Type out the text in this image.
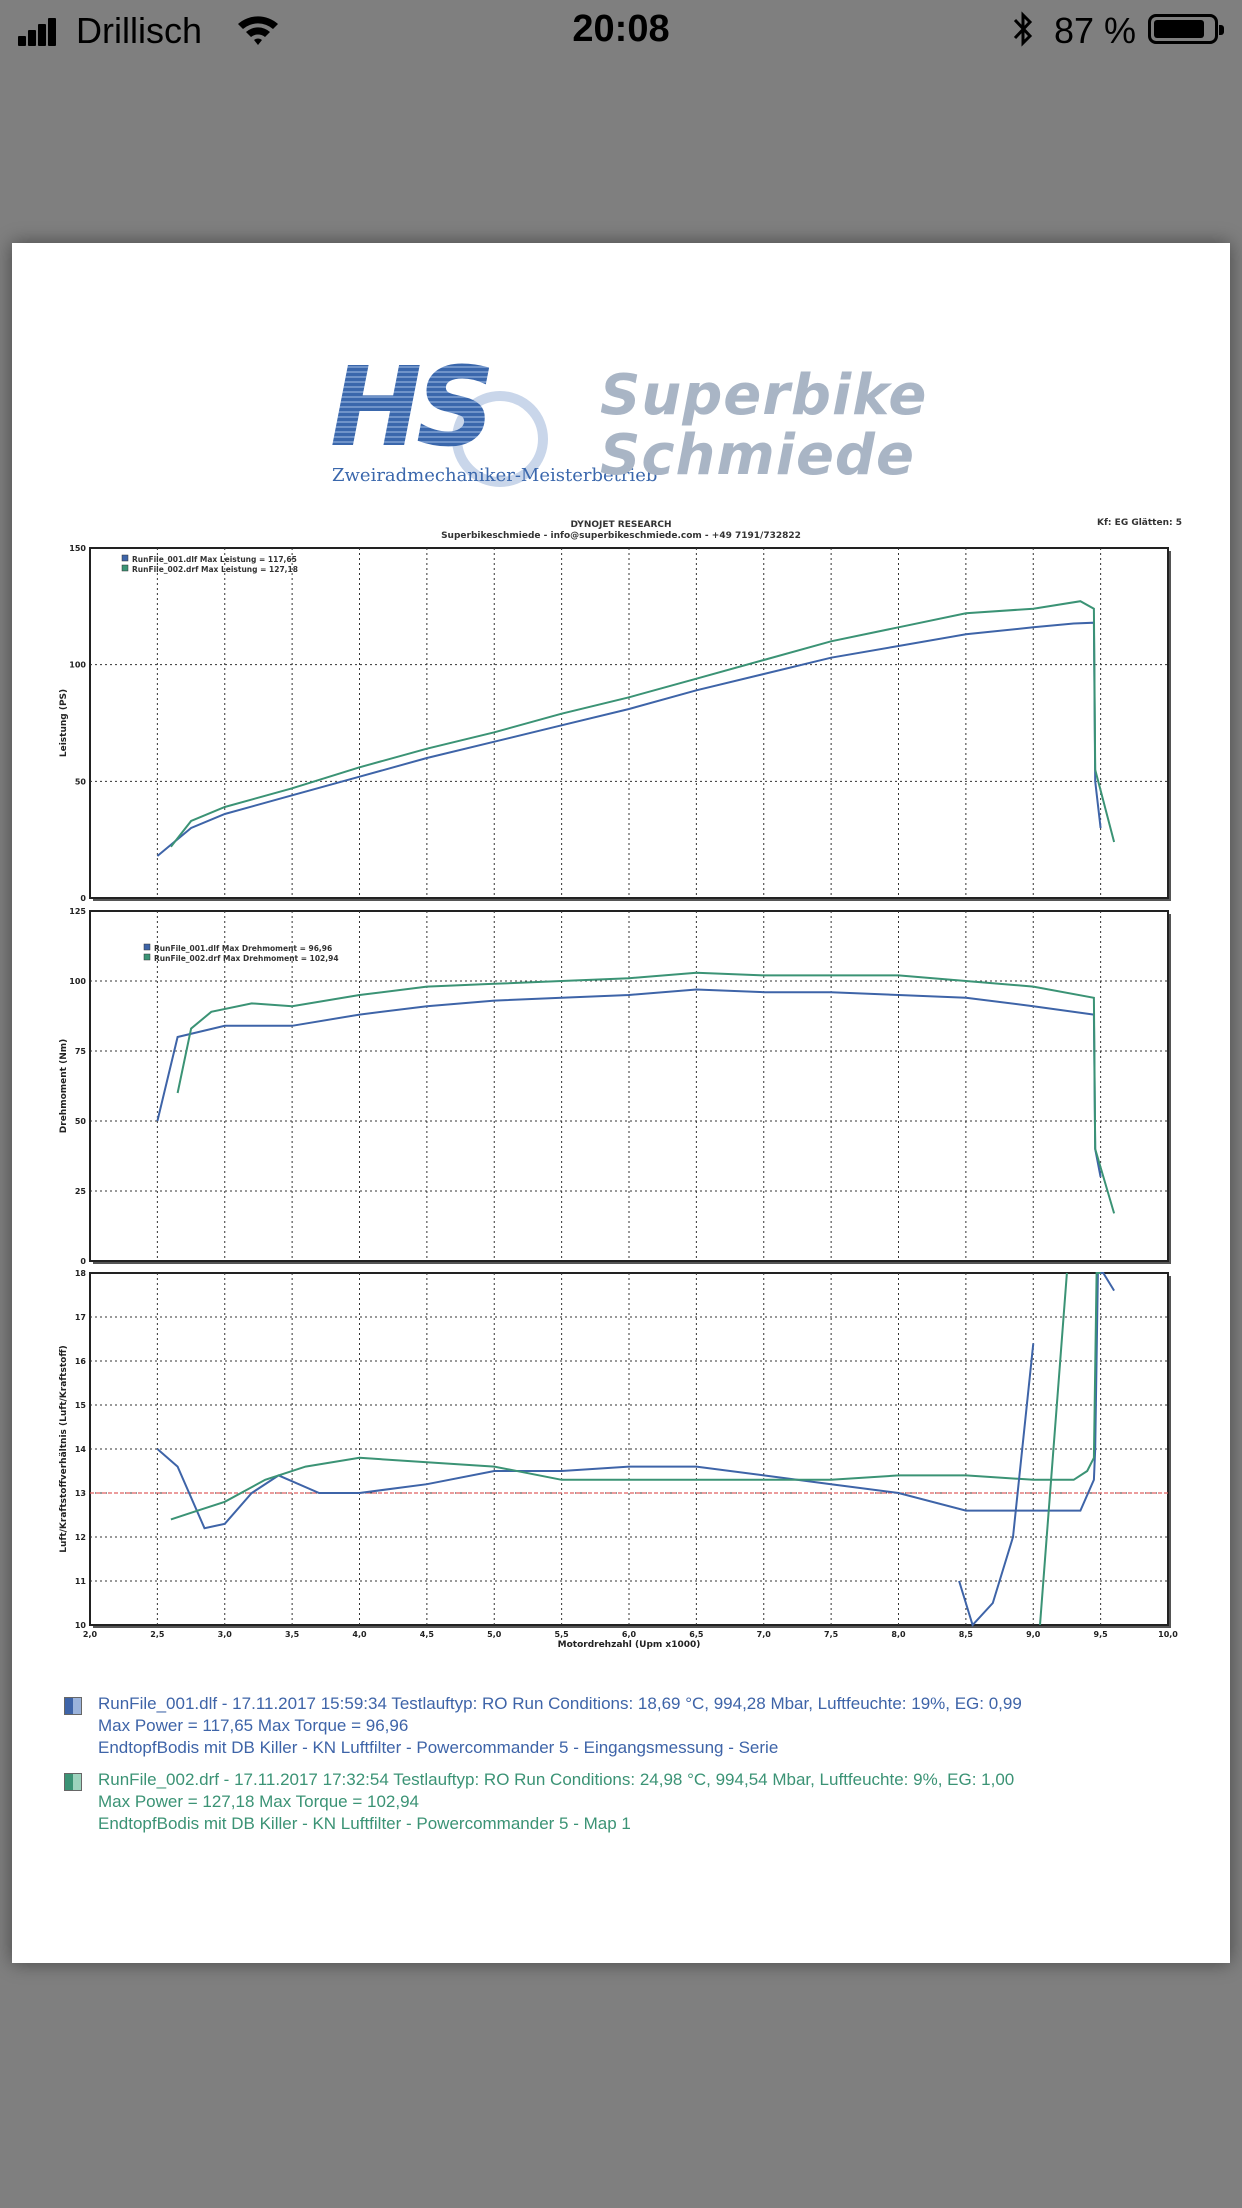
Drillisch	20:08	87 %
HS
Zweiradmechaniker-Meisterbetrieb
Superbike
Schmiede
DYNOJET RESEARCH
Superbikeschmiede - info@superbikeschmiede.com - +49 7191/732822
Kf: EG Glätten: 5
0
50
100
150
Leistung (PS)
RunFile_001.dlf Max Leistung = 117,65
RunFile_002.drf Max Leistung = 127,18
0
25
50
75
100
125
Drehmoment (Nm)
RunFile_001.dlf Max Drehmoment = 96,96
RunFile_002.drf Max Drehmoment = 102,94
10
11
12
13
14
15
16
17
18
Luft/Kraftstoffverhältnis (Luft/Kraftstoff)
2,0	2,5	3,0	3,5	4,0	4,5	5,0	5,5	6,0	6,5	7,0	7,5	8,0	8,5	9,0	9,5	10,0
Motordrehzahl (Upm x1000)
RunFile_001.dlf - 17.11.2017 15:59:34 Testlauftyp: RO Run Conditions: 18,69 °C, 994,28 Mbar, Luftfeuchte: 19%, EG: 0,99
Max Power = 117,65 Max Torque = 96,96
EndtopfBodis mit DB Killer - KN Luftfilter - Powercommander 5 - Eingangsmessung - Serie
RunFile_002.drf - 17.11.2017 17:32:54 Testlauftyp: RO Run Conditions: 24,98 °C, 994,54 Mbar, Luftfeuchte: 9%, EG: 1,00
Max Power = 127,18 Max Torque = 102,94
EndtopfBodis mit DB Killer - KN Luftfilter - Powercommander 5 - Map 1
